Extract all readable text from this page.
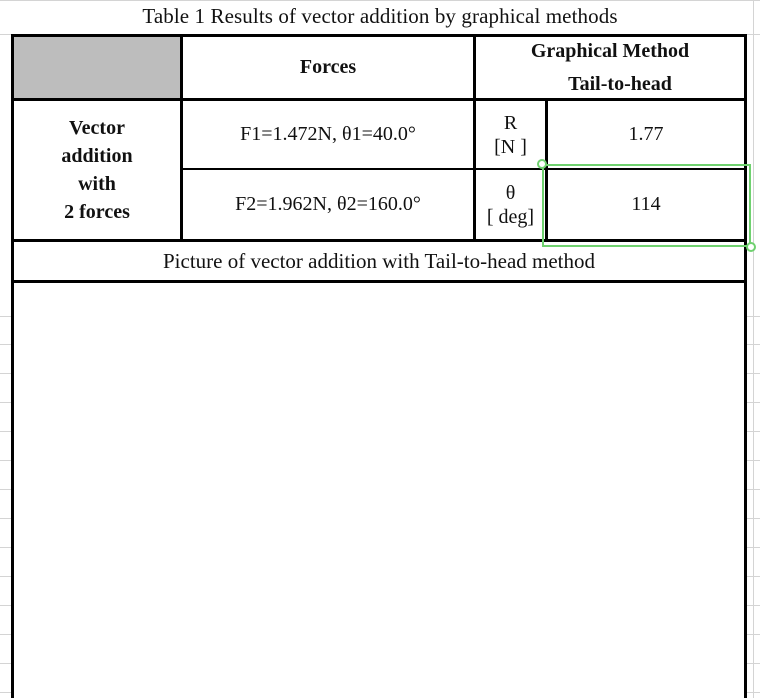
Table 1 Results of vector addition by graphical methods
Forces
Graphical Method
Tail-to-head
Vector
addition
with
2 forces
F1=1.472N, θ1=40.0°
F2=1.962N, θ2=160.0°
R
[N ]
θ
[ deg]
1.77
114
Picture of vector addition with Tail-to-head method
